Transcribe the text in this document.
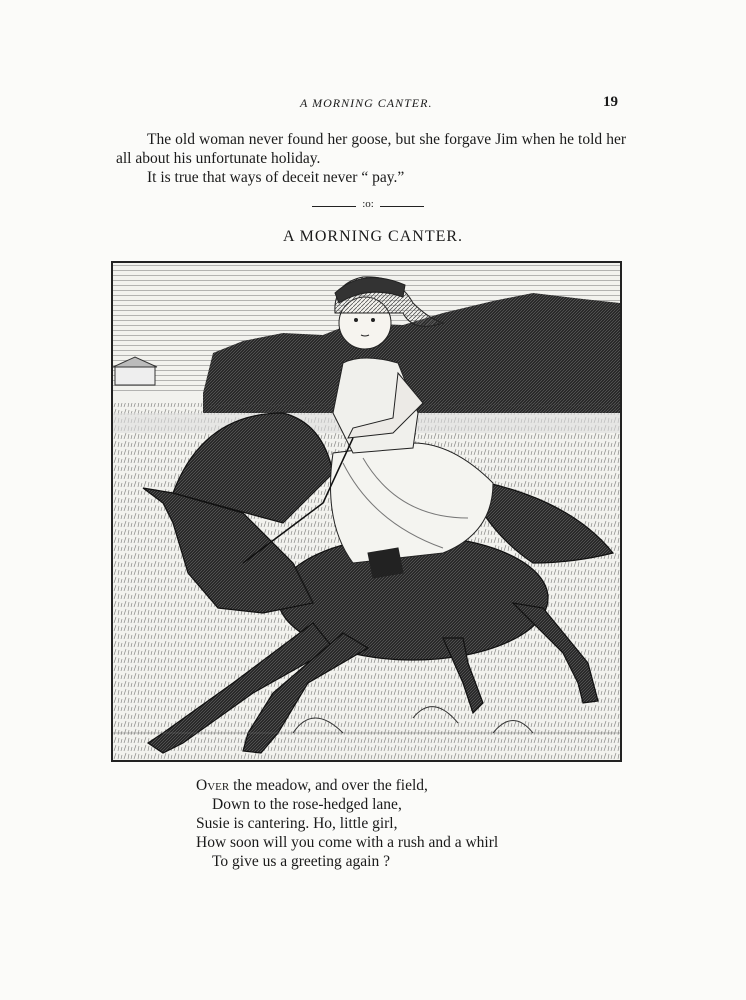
A MORNING CANTER.	19

The old woman never found her goose, but she forgave Jim when he told her all about his unfortunate holiday.

It is true that ways of deceit never “ pay.”

:o:
A MORNING CANTER.
Over the meadow, and over the field,
Down to the rose-hedged lane,
Susie is cantering. Ho, little girl,
How soon will you come with a rush and a whirl
To give us a greeting again ?
